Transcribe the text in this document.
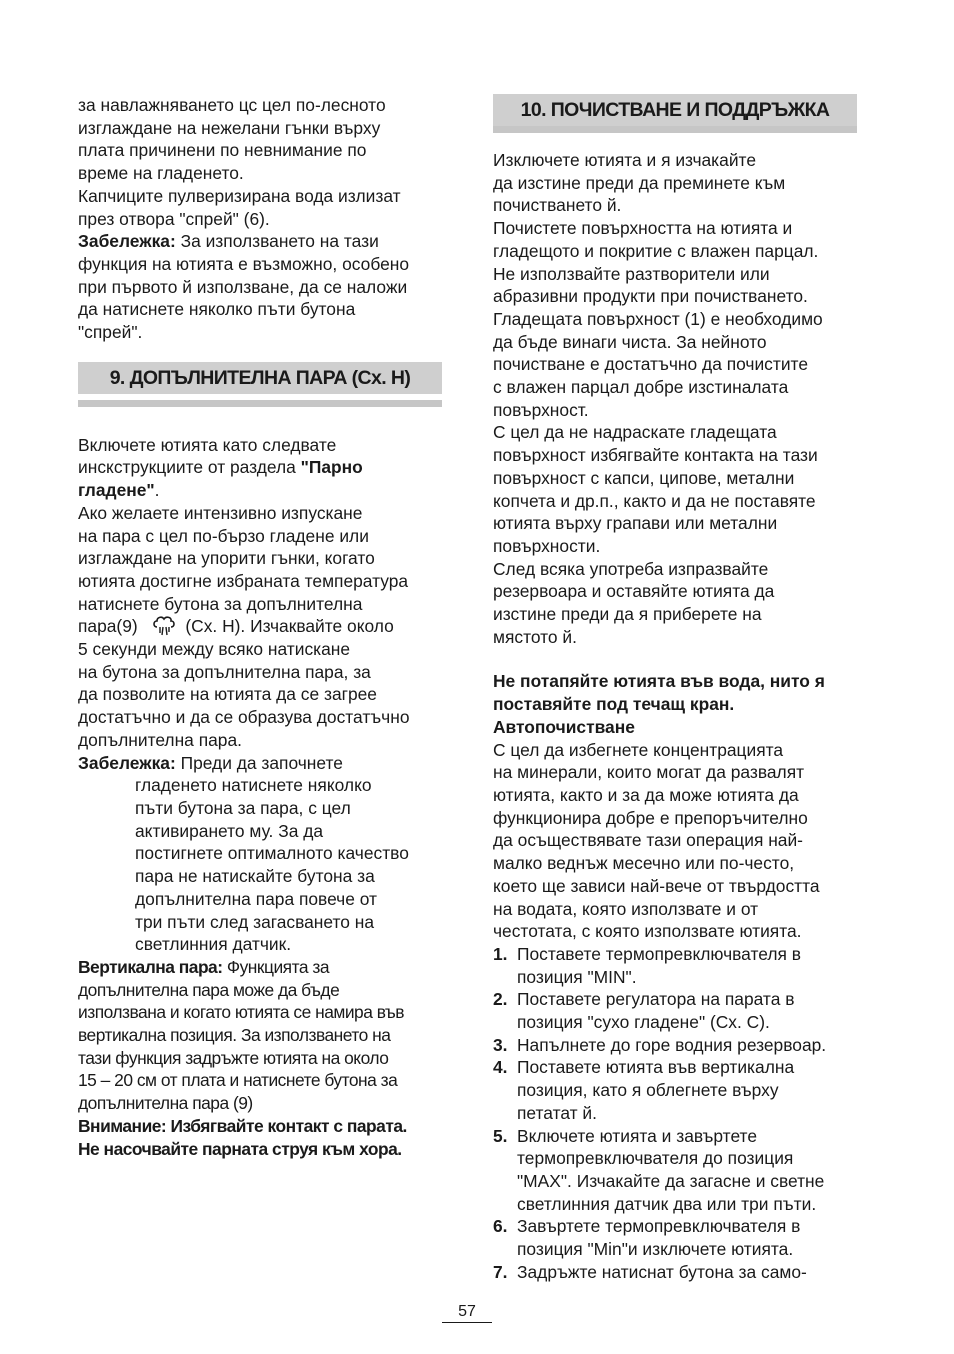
за навлажняването цс цел по-лесното

изглаждане на нежелани гънки върху

плата причинени по невнимание по

време на гладенето.

Капчиците пулверизирана вода излизат

през отвора "спрей" (6).

Забележка: За използването на тази

функция на ютията е възможно, особено

при първото й използване, да се наложи

да натиснете няколко пъти бутона

"спрей".

9. ДОПЪЛНИТЕЛНА ПАРА (Сх. Н)

Включете ютията като следвате

инскструкциите от раздела "Парно

гладене".

Ако желаете интензивно изпускане

на пара с цел по-бързо гладене или

изглаждане на упорити гънки, когато

ютията достигне избраната температура

натиснете бутона за допълнителна

пара(9)	(Сх. Н). Изчаквайте около

5 секунди между всяко натискане

на бутона за допълнителна пара, за

да позволите на ютията да се загрее

достатъчно и да се образува достатъчно

допълнителна пара.

Забележка: Преди да започнете

гладенето натиснете няколко

пъти бутона за пара, с цел

активирането му. За да

постигнете оптималното качество

пара не натискайте бутона за

допълнителна пара повече от

три пъти след загасването на

светлинния датчик.

Вертикална пара: Функцията за

допълнителна пара може да бъде

използвана и когато ютията се намира във

вертикална позиция. За използването на

тази функция задръжте ютията на около

15 – 20 см от плата и натиснете бутона за

допълнителна пара (9)

Внимание: Избягвайте контакт с парата.

Не насочвайте парната струя към хора.

10. ПОЧИСТВАНЕ И ПОДДРЪЖКА

Изключете ютията и я изчакайте

да изстине преди да преминете към

почистването й.

Почистете повърхността на ютията и

гладещото и покритие с влажен парцал.

Не използвайте разтворители или

абразивни продукти при почистването.

Гладещата повърхност (1) е необходимо

да бъде винаги чиста. За нейното

почистване е достатъчно да почистите

с влажен парцал добре изстиналата

повърхност.

С цел да не надраскате гладещата

повърхност избягвайте контакта на тази

повърхност с капси, ципове, метални

копчета и др.п., както и да не поставяте

ютията върху грапави или метални

повърхности.

След всяка употреба изпразвайте

резервоара и оставяйте ютията да

изстине преди да я приберете на

мястото й.

Не потапяйте ютията във вода, нито я

поставяйте под течащ кран.

Автопочистване

С цел да избегнете концентрацията

на минерали, които могат да развалят

ютията, както и за да може ютията да

функционира добре е препоръчително

да осъществявате тази операция най-

малко веднъж месечно или по-често,

което ще зависи най-вече от твърдостта

на водата, която използвате и от

честотата, с която използвате ютията.

1. Поставете термопревключвателя в

позиция "MIN".

2. Поставете регулатора на парата в

позиция "сухо гладене" (Сх. С).

3. Напълнете до горе водния резервоар.

4. Поставете ютията във вертикална

позиция, като я облегнете върху

петатат й.

5. Включете ютията и завъртете

термопревключвателя до позиция

"MAX". Изчакайте да загасне и светне

светлинния датчик два или три пъти.

6. Завъртете термопревключвателя в

позиция "Min"и изключете ютията.

7. Задръжте натиснат бутона за само-

57
